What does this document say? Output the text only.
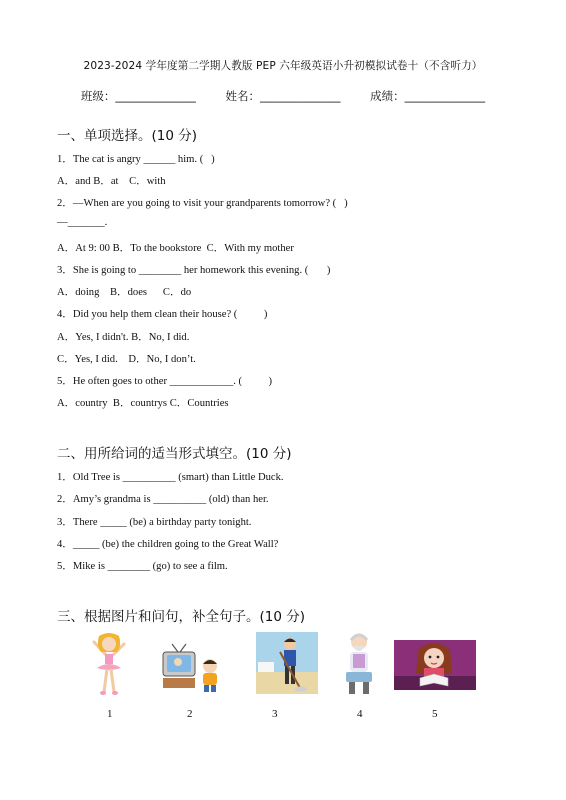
2023-2024 学年度第二学期人教版 PEP 六年级英语小升初模拟试卷十（不含听力）
班级：______________	姓名：______________	成绩：______________
一、单项选择。(10 分)
1．The cat is angry ______ him. (   )
A．and B．at    C．with
2．—When are you going to visit your grandparents tomorrow? (   )
—_______.
A．At 9: 00 B．To the bookstore  C．With my mother
3．She is going to ________ her homework this evening. (       )
A．doing    B．does      C．do
4．Did you help them clean their house? (          )
A．Yes, I didn't. B．No, I did.
C．Yes, I did.    D．No, I don’t.
5．He often goes to other ____________. (          )
A．country  B．countrys C．Countries
二、用所给词的适当形式填空。(10 分)
1．Old Tree is __________ (smart) than Little Duck.
2．Amy’s grandma is __________ (old) than her.
3．There _____ (be) a birthday party tonight.
4．_____ (be) the children going to the Great Wall?
5．Mike is ________ (go) to see a film.
三、根据图片和问句，补全句子。(10 分)
1	2	3	4	5
